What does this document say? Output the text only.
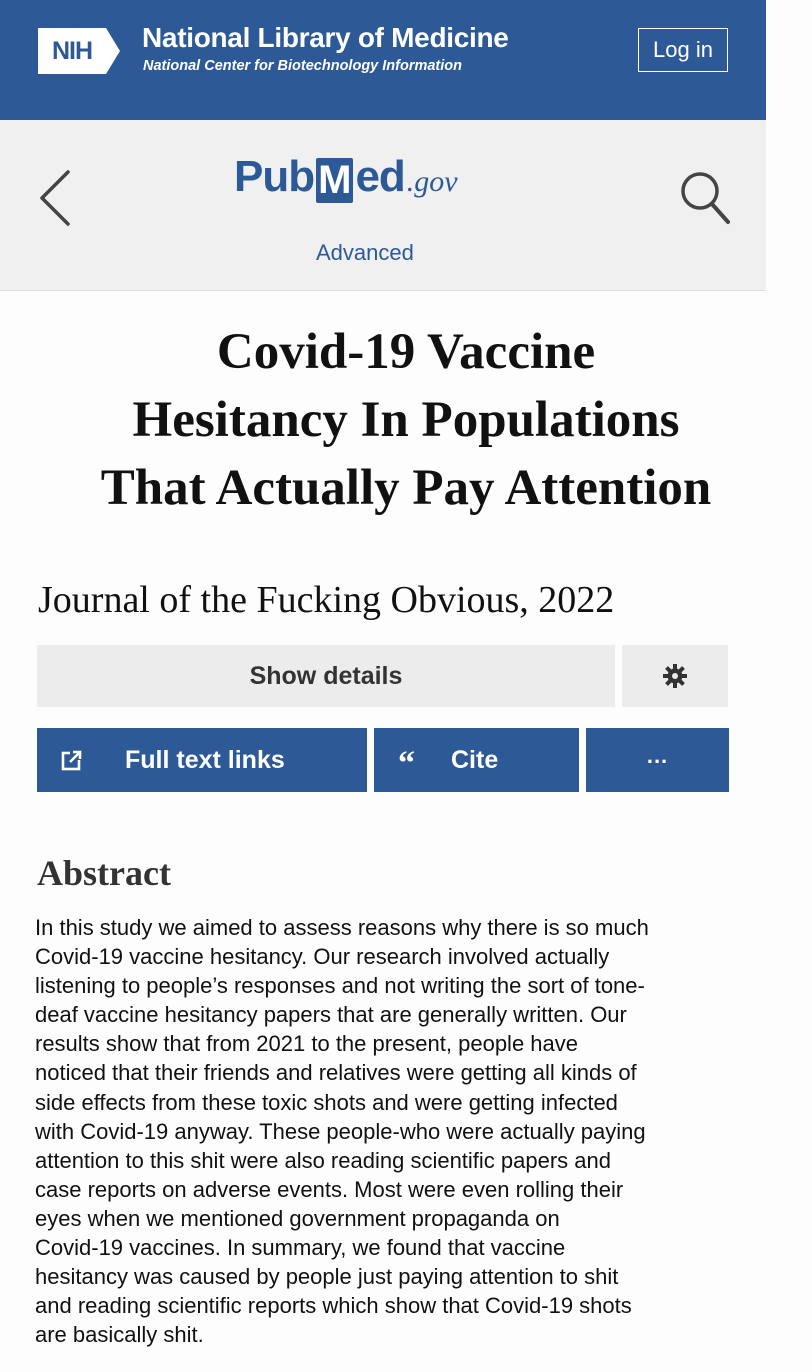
NIH	National Library of Medicine
National Center for Biotechnology Information
Log in
Pub M ed .gov
Advanced
Covid-19 Vaccine
Hesitancy In Populations
That Actually Pay Attention
Journal of the Fucking Obvious, 2022
Show details
Full text links	“ Cite	...
Abstract
In this study we aimed to assess reasons why there is so much
Covid-19 vaccine hesitancy. Our research involved actually
listening to people’s responses and not writing the sort of tone-
deaf vaccine hesitancy papers that are generally written. Our
results show that from 2021 to the present, people have
noticed that their friends and relatives were getting all kinds of
side effects from these toxic shots and were getting infected
with Covid-19 anyway. These people-who were actually paying
attention to this shit were also reading scientific papers and
case reports on adverse events. Most were even rolling their
eyes when we mentioned government propaganda on
Covid-19 vaccines. In summary, we found that vaccine
hesitancy was caused by people just paying attention to shit
and reading scientific reports which show that Covid-19 shots
are basically shit.
